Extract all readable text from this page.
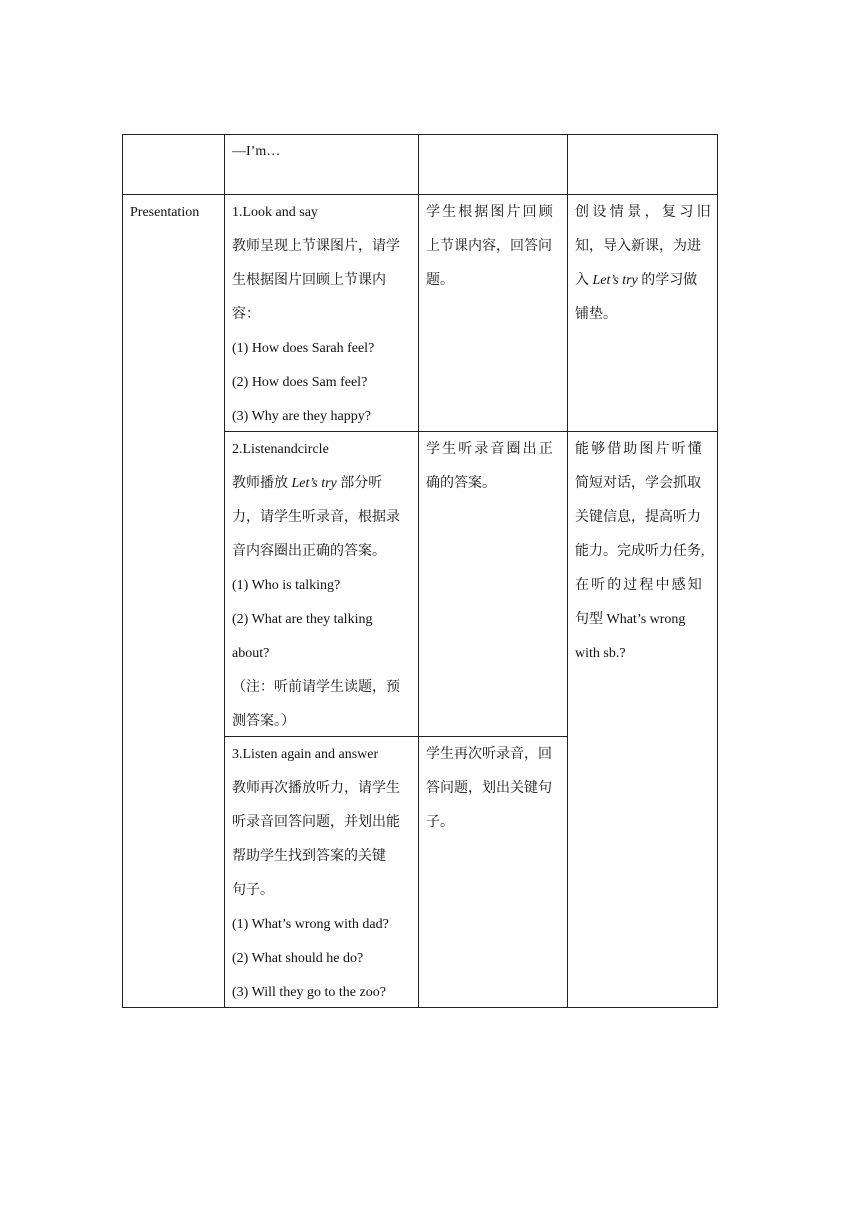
—I’m…

Presentation 1.Look and say

教师呈现上节课图片，请学

生根据图片回顾上节课内

容：

(1) How does Sarah feel?

(2) How does Sam feel?

(3) Why are they happy?

学生根据图片回顾

上节课内容，回答问

题。

创设情景，复习旧

知，导入新课，为进

入 Let’s try 的学习做

铺垫。

2.Listenandcircle

教师播放 Let’s try 部分听

力，请学生听录音，根据录

音内容圈出正确的答案。

(1) Who is talking?

(2) What are they talking

about?

（注：听前请学生读题，预

测答案。）

学生听录音圈出正

确的答案。

能够借助图片听懂

简短对话，学会抓取

关键信息，提高听力

能力。完成听力任务,

在听的过程中感知

句型 What’s wrong

with sb.?

3.Listen again and answer

教师再次播放听力，请学生

听录音回答问题，并划出能

帮助学生找到答案的关键

句子。

(1) What’s wrong with dad?

(2) What should he do?

(3) Will they go to the zoo?

学生再次听录音，回

答问题，划出关键句

子。
